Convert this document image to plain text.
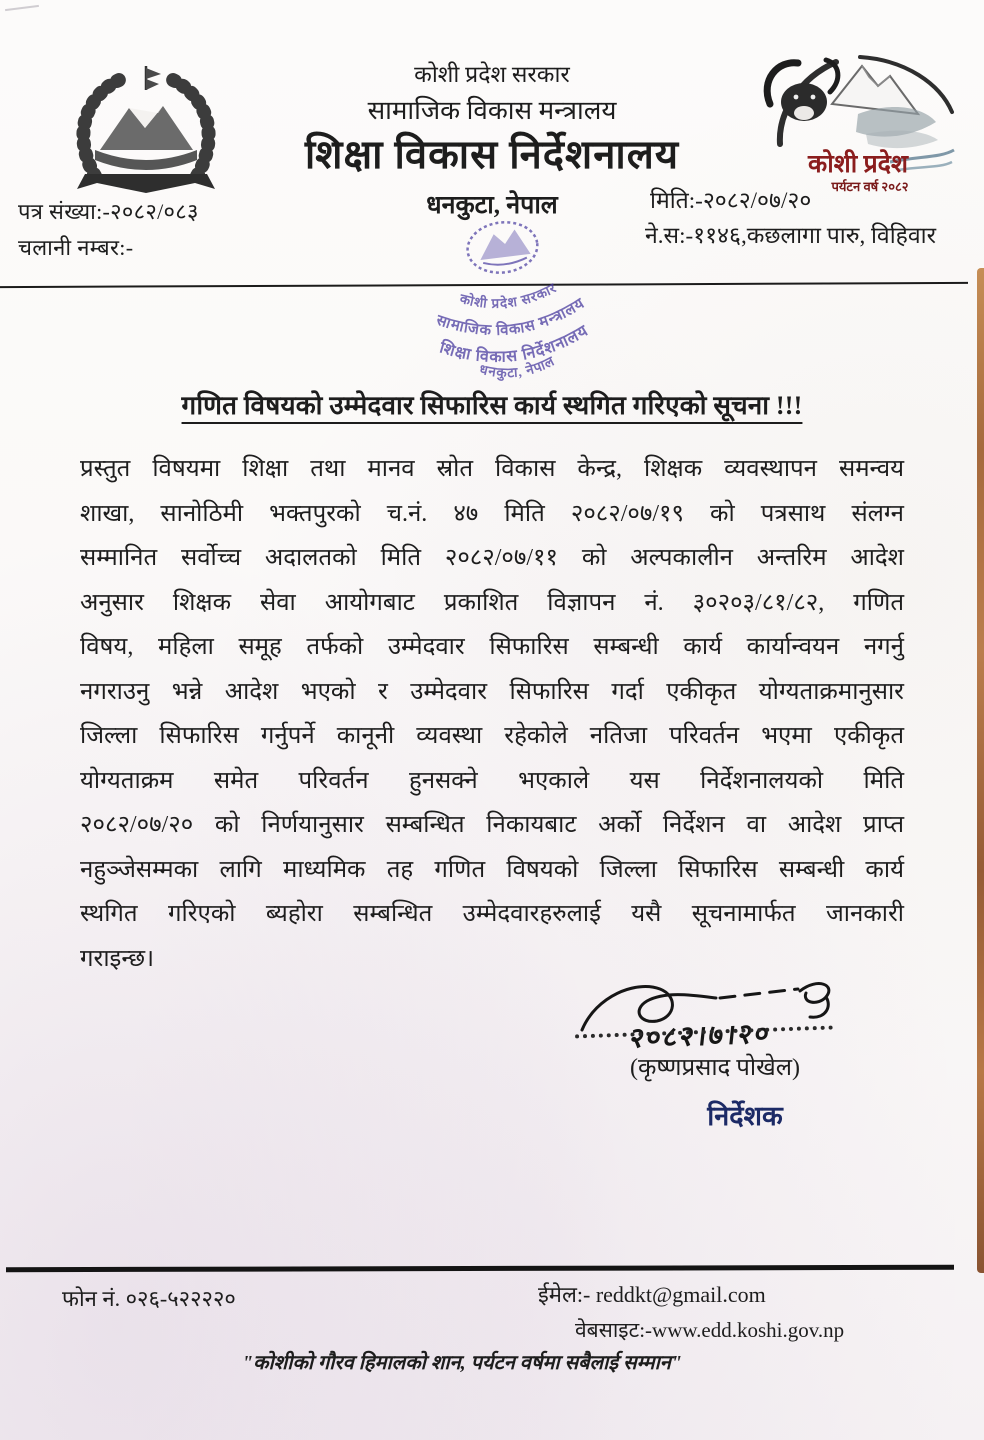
पत्र संख्या:-२०८२/०८३
चलानी नम्बर:-
कोशी प्रदेश सरकार
सामाजिक विकास मन्त्रालय
शिक्षा विकास निर्देशनालय
धनकुटा, नेपाल
कोशी प्रदेश
पर्यटन वर्ष २०८२
मिति:-२०८२/०७/२०
ने.स:-११४६,कछलागा पारु, विहिवार
कोशी प्रदेश सरकार
सामाजिक विकास मन्त्रालय
शिक्षा विकास निर्देशनालय
धनकुटा, नेपाल
गणित विषयको उम्मेदवार सिफारिस कार्य स्थगित गरिएको सूचना !!!
प्रस्तुत विषयमा शिक्षा तथा मानव स्रोत विकास केन्द्र, शिक्षक व्यवस्थापन समन्वय
शाखा, सानोठिमी भक्तपुरको च.नं. ४७ मिति २०८२/०७/१९ को पत्रसाथ संलग्न
सम्मानित सर्वोच्च अदालतको मिति २०८२/०७/११ को अल्पकालीन अन्तरिम आदेश
अनुसार शिक्षक सेवा आयोगबाट प्रकाशित विज्ञापन नं. ३०२०३/८१/८२, गणित
विषय, महिला समूह तर्फको उम्मेदवार सिफारिस सम्बन्धी कार्य कार्यान्वयन नगर्नु
नगराउनु भन्ने आदेश भएको र उम्मेदवार सिफारिस गर्दा एकीकृत योग्यताक्रमानुसार
जिल्ला सिफारिस गर्नुपर्ने कानूनी व्यवस्था रहेकोले नतिजा परिवर्तन भएमा एकीकृत
योग्यताक्रम समेत परिवर्तन हुनसक्ने भएकाले यस निर्देशनालयको मिति
२०८२/०७/२० को निर्णयानुसार सम्बन्धित निकायबाट अर्को निर्देशन वा आदेश प्राप्त
नहुञ्जेसम्मका लागि माध्यमिक तह गणित विषयको जिल्ला सिफारिस सम्बन्धी कार्य
स्थगित गरिएको ब्यहोरा सम्बन्धित उम्मेदवारहरुलाई यसै सूचनामार्फत जानकारी
गराइन्छ।
२०८२।७।२०
(कृष्णप्रसाद पोखेल)
निर्देशक
फोन नं. ०२६-५२२२२०	ईमेल:- reddkt@gmail.com
वेबसाइट:-www.edd.koshi.gov.np
"कोशीको गौरव हिमालको शान, पर्यटन वर्षमा सबैलाई सम्मान"
